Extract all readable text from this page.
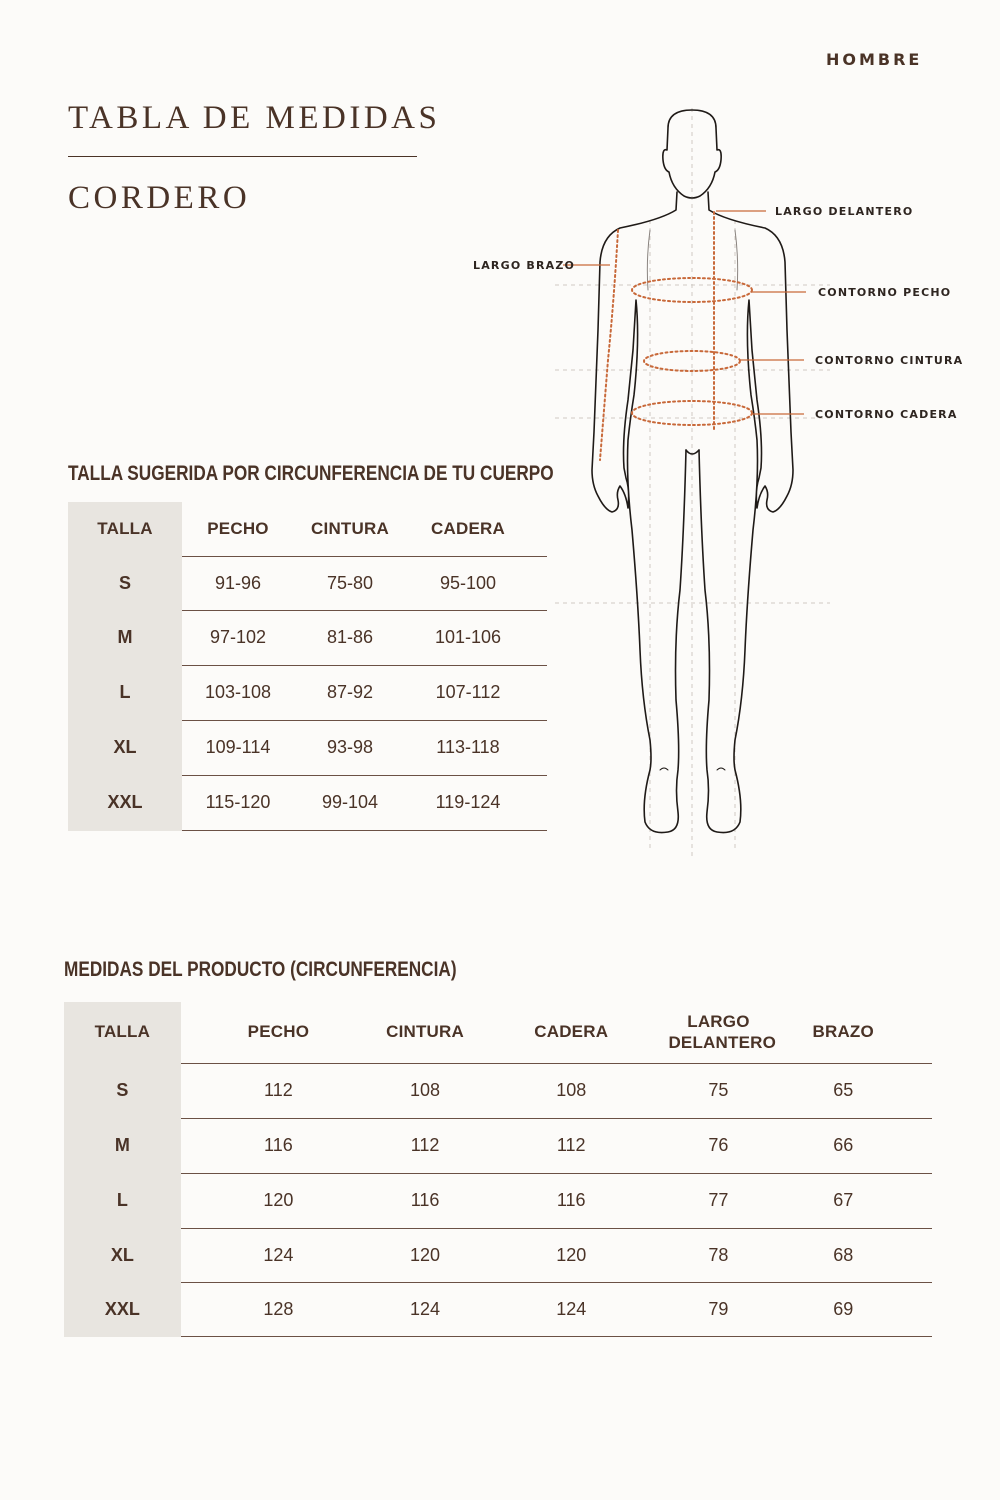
HOMBRE
TABLA DE MEDIDAS
CORDERO	LARGO DELANTERO
LARGO BRAZO
CONTORNO PECHO
CONTORNO CINTURA
CONTORNO CADERA
TALLA SUGERIDA POR CIRCUNFERENCIA DE TU CUERPO
TALLA	PECHO	CINTURA	CADERA	
S	91-96	75-80	95-100	
M	97-102	81-86	101-106	
L	103-108	87-92	107-112	
XL	109-114	93-98	113-118	
XXL	115-120	99-104	119-124	
MEDIDAS DEL PRODUCTO (CIRCUNFERENCIA)
TALLA	PECHO	CINTURA	CADERA	LARGO DELANTERO	BRAZO	
S	112	108	108	75	65	
M	116	112	112	76	66	
L	120	116	116	77	67	
XL	124	120	120	78	68	
XXL	128	124	124	79	69	
